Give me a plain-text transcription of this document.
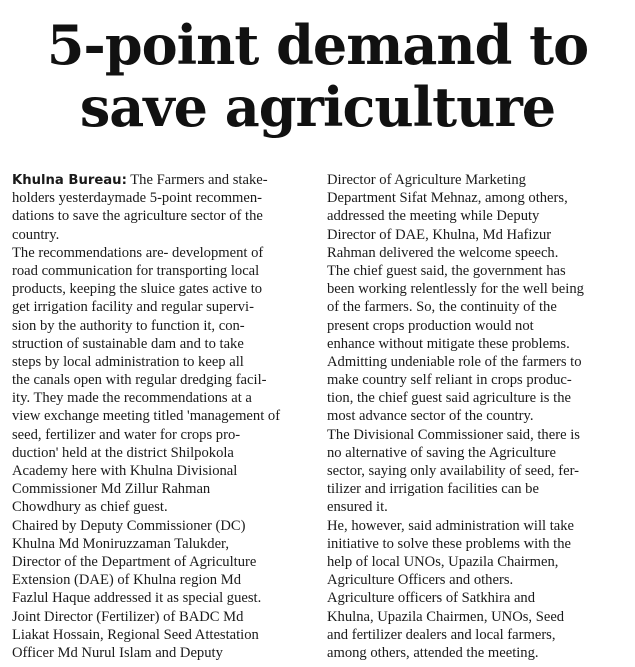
5-point demand to
save agriculture
Khulna Bureau: The Farmers and stake-
holders yesterdaymade 5-point recommen-
dations to save the agriculture sector of the
country.
The recommendations are- development of
road communication for transporting local
products, keeping the sluice gates active to
get irrigation facility and regular supervi-
sion by the authority to function it, con-
struction of sustainable dam and to take
steps by local administration to keep all
the canals open with regular dredging facil-
ity. They made the recommendations at a
view exchange meeting titled 'management of
seed, fertilizer and water for crops pro-
duction' held at the district Shilpokola
Academy here with Khulna Divisional
Commissioner Md Zillur Rahman
Chowdhury as chief guest.
Chaired by Deputy Commissioner (DC)
Khulna Md Moniruzzaman Talukder,
Director of the Department of Agriculture
Extension (DAE) of Khulna region Md
Fazlul Haque addressed it as special guest.
Joint Director (Fertilizer) of BADC Md
Liakat Hossain, Regional Seed Attestation
Officer Md Nurul Islam and Deputy
Director of Agriculture Marketing
Department Sifat Mehnaz, among others,
addressed the meeting while Deputy
Director of DAE, Khulna, Md Hafizur
Rahman delivered the welcome speech.
The chief guest said, the government has
been working relentlessly for the well being
of the farmers. So, the continuity of the
present crops production would not
enhance without mitigate these problems.
Admitting undeniable role of the farmers to
make country self reliant in crops produc-
tion, the chief guest said agriculture is the
most advance sector of the country.
The Divisional Commissioner said, there is
no alternative of saving the Agriculture
sector, saying only availability of seed, fer-
tilizer and irrigation facilities can be
ensured it.
He, however, said administration will take
initiative to solve these problems with the
help of local UNOs, Upazila Chairmen,
Agriculture Officers and others.
Agriculture officers of Satkhira and
Khulna, Upazila Chairmen, UNOs, Seed
and fertilizer dealers and local farmers,
among others, attended the meeting.
